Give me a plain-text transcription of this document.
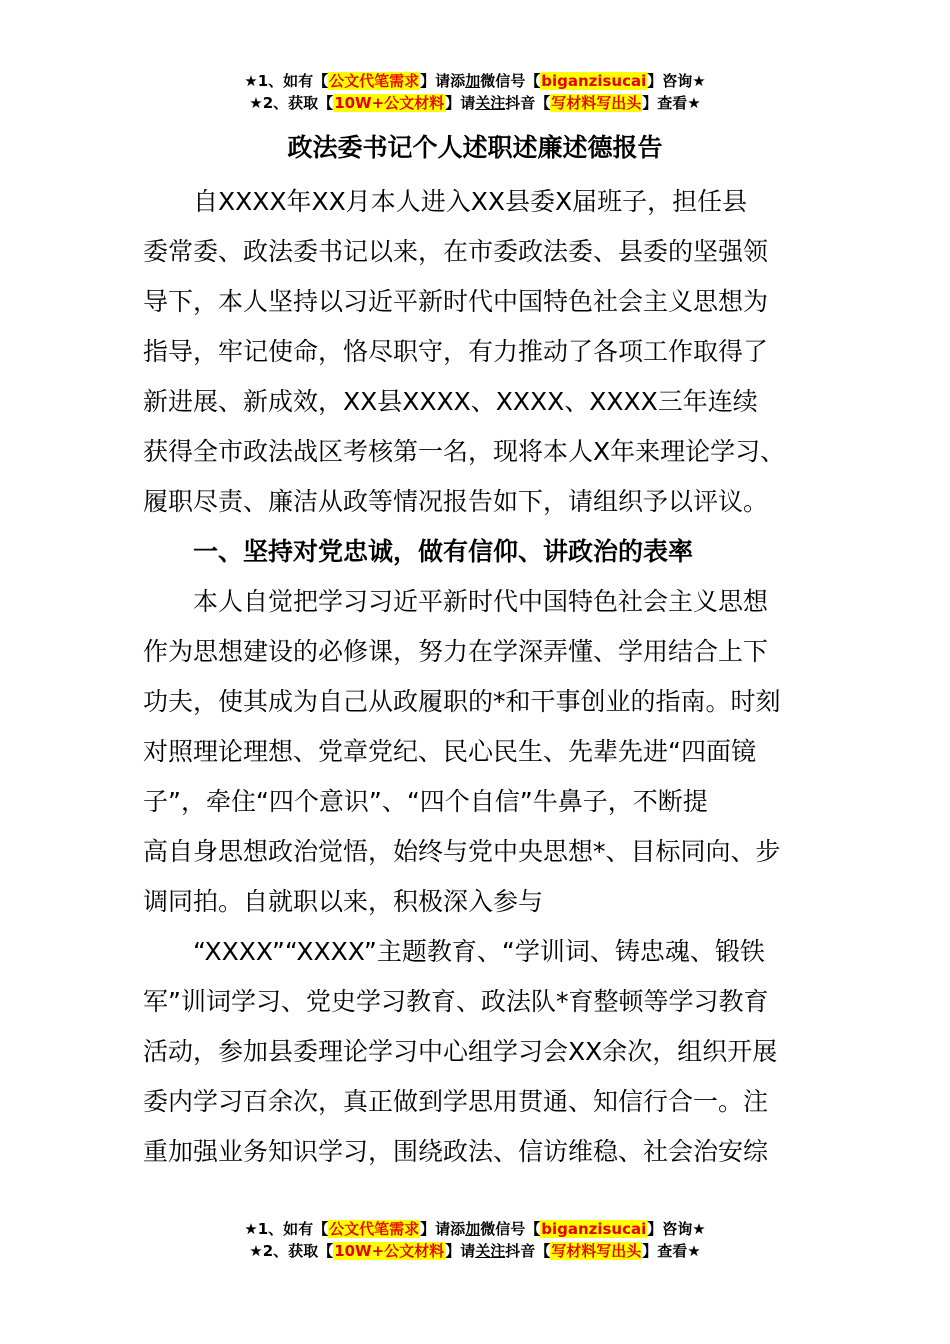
★1、如有【公文代笔需求】请添加微信号【biganzisucai】咨询★
★2、获取【10W+公文材料】请关注抖音【写材料写出头】查看★
政法委书记个人述职述廉述德报告
自XXXX年XX月本人进入XX县委X届班子，担任县
委常委、政法委书记以来，在市委政法委、县委的坚强领
导下，本人坚持以习近平新时代中国特色社会主义思想为
指导，牢记使命，恪尽职守，有力推动了各项工作取得了
新进展、新成效，XX县XXXX、XXXX、XXXX三年连续
获得全市政法战区考核第一名，现将本人X年来理论学习、
履职尽责、廉洁从政等情况报告如下，请组织予以评议。
一、坚持对党忠诚，做有信仰、讲政治的表率
本人自觉把学习习近平新时代中国特色社会主义思想
作为思想建设的必修课，努力在学深弄懂、学用结合上下
功夫，使其成为自己从政履职的*和干事创业的指南。时刻
对照理论理想、党章党纪、民心民生、先辈先进“四面镜
子”，牵住“四个意识”、“四个自信”牛鼻子，不断提
高自身思想政治觉悟，始终与党中央思想*、目标同向、步
调同拍。自就职以来，积极深入参与
“XXXX”“XXXX”主题教育、“学训词、铸忠魂、锻铁
军”训词学习、党史学习教育、政法队*育整顿等学习教育
活动，参加县委理论学习中心组学习会XX余次，组织开展
委内学习百余次，真正做到学思用贯通、知信行合一。注
重加强业务知识学习，围绕政法、信访维稳、社会治安综
★1、如有【公文代笔需求】请添加微信号【biganzisucai】咨询★
★2、获取【10W+公文材料】请关注抖音【写材料写出头】查看★
